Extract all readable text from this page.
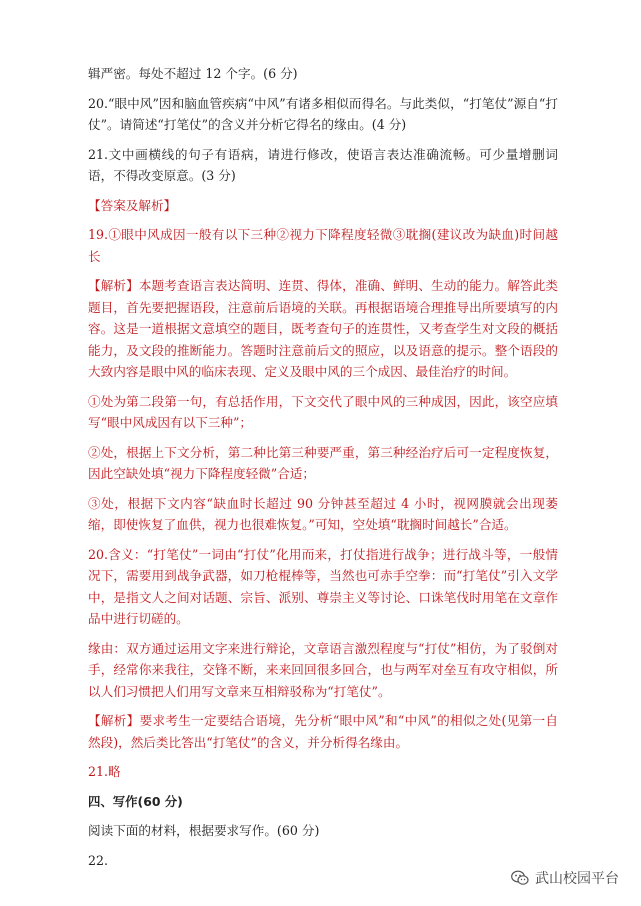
辑严密。每处不超过 12 个字。(6 分)

20.“眼中风”因和脑血管疾病“中风”有诸多相似而得名。与此类似，“打笔仗”源自“打仗”。请简述“打笔仗”的含义并分析它得名的缘由。(4 分)

21.文中画横线的句子有语病，请进行修改，使语言表达准确流畅。可少量增删词语，不得改变原意。(3 分)

【答案及解析】

19.①眼中风成因一般有以下三种②视力下降程度轻微③耽搁(建议改为缺血)时间越长

【解析】本题考查语言表达简明、连贯、得体，准确、鲜明、生动的能力。解答此类题目，首先要把握语段，注意前后语境的关联。再根据语境合理推导出所要填写的内容。这是一道根据文意填空的题目，既考查句子的连贯性，又考查学生对文段的概括能力，及文段的推断能力。答题时注意前后文的照应，以及语意的提示。整个语段的大致内容是眼中风的临床表现、定义及眼中风的三个成因、最佳治疗的时间。

①处为第二段第一句，有总括作用，下文交代了眼中风的三种成因，因此，该空应填写“眼中风成因有以下三种”；

②处，根据上下文分析，第二种比第三种要严重，第三种经治疗后可一定程度恢复，因此空缺处填“视力下降程度轻微”合适；

③处，根据下文内容“缺血时长超过 90 分钟甚至超过 4 小时，视网膜就会出现萎缩，即使恢复了血供，视力也很难恢复。”可知，空处填“耽搁时间越长”合适。

20.含义：“打笔仗”一词由“打仗”化用而来，打仗指进行战争；进行战斗等，一般情况下，需要用到战争武器，如刀枪棍棒等，当然也可赤手空拳：而“打笔仗”引入文学中，是指文人之间对话题、宗旨、派别、尊崇主义等讨论、口诛笔伐时用笔在文章作品中进行切磋的。

缘由：双方通过运用文字来进行辩论，文章语言激烈程度与“打仗”相仿，为了驳倒对手，经常你来我往，交锋不断，来来回回很多回合，也与两军对垒互有攻守相似，所以人们习惯把人们用写文章来互相辩驳称为“打笔仗”。

【解析】要求考生一定要结合语境，先分析“眼中风”和“中风”的相似之处(见第一自然段)，然后类比答出“打笔仗”的含义，并分析得名缘由。

21.略

四、写作(60 分)

阅读下面的材料，根据要求写作。(60 分)

22.

武山校园平台
